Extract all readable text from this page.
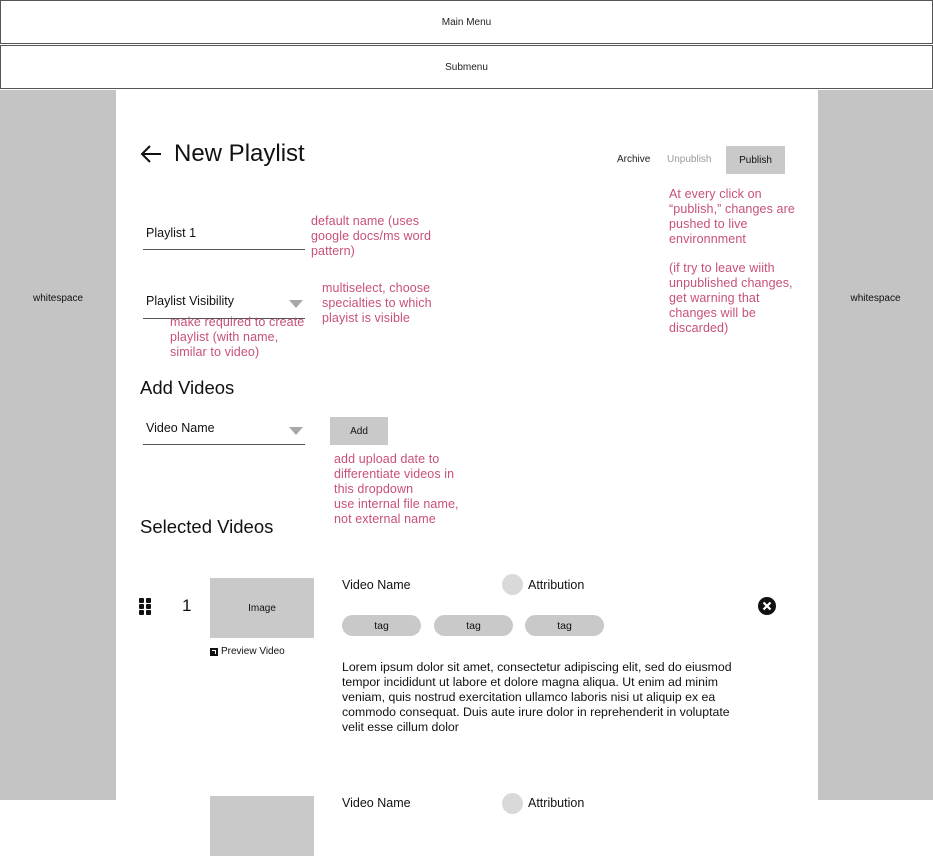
Main Menu
Submenu
whitespace	whitespace
New Playlist	Archive Unpublish	Publish
Playlist 1
Playlist Visibility
default name (uses
google docs/ms word
pattern)
multiselect, choose
specialties to which
playist is visible
make required to create
playlist (with name,
similar to video)
At every click on
“publish,” changes are
pushed to live
environnment
(if try to leave wiith
unpublished changes,
get warning that
changes will be
discarded)
add upload date to
differentiate videos in
this dropdown
use internal file name,
not external name
Add Videos
Video Name	Add
Selected Videos
1	Image
Preview Video
Video Name	Attribution
tag	tag	tag
Lorem ipsum dolor sit amet, consectetur adipiscing elit, sed do eiusmod tempor incididunt ut labore et dolore magna aliqua. Ut enim ad minim veniam, quis nostrud exercitation ullamco laboris nisi ut aliquip ex ea commodo consequat. Duis aute irure dolor in reprehenderit in voluptate velit esse cillum dolor
Video Name	Attribution
